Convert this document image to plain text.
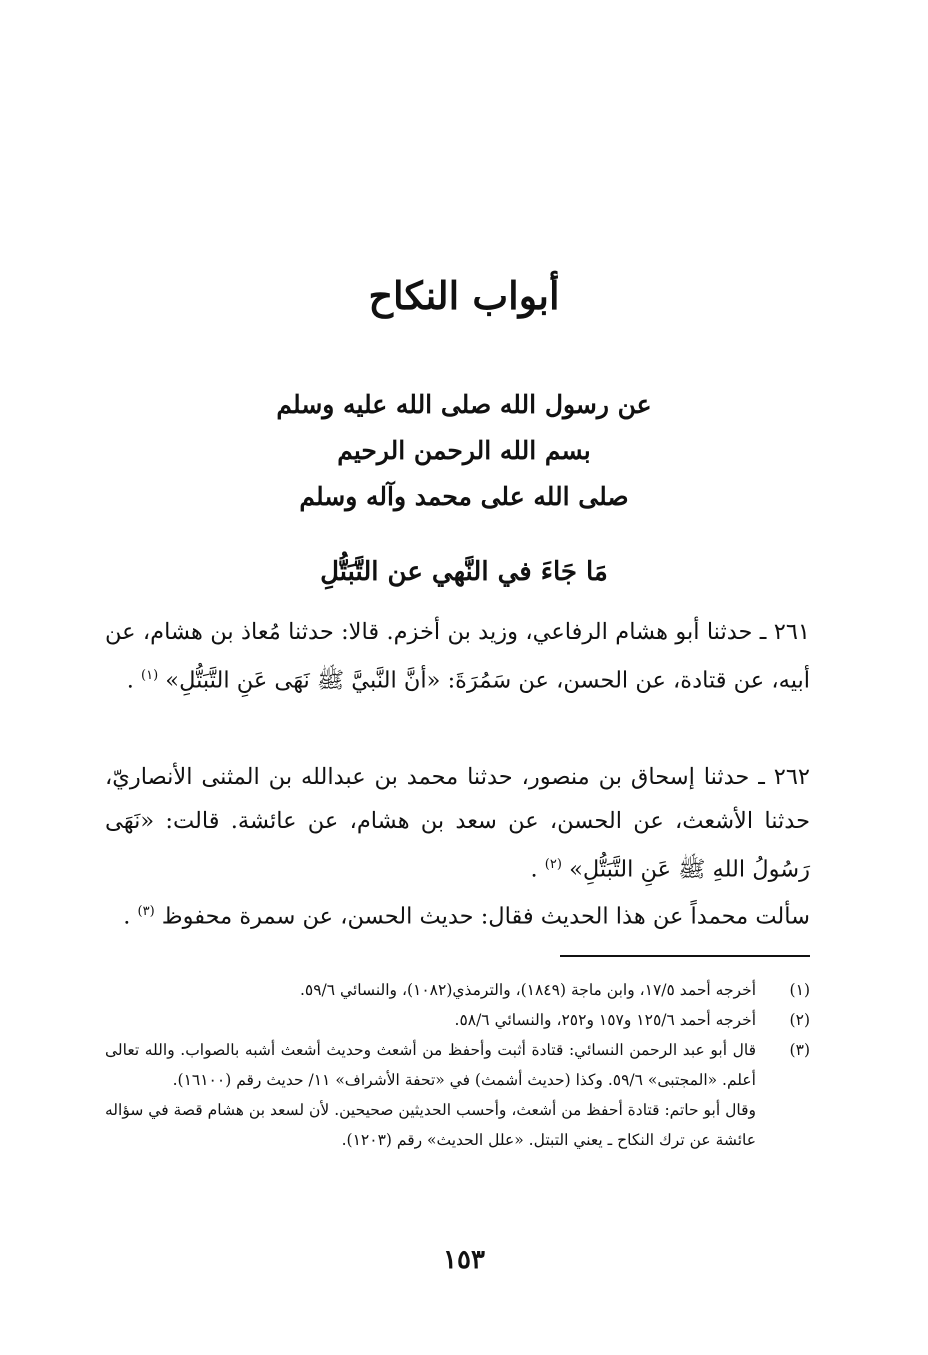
أبواب النكاح
عن رسول الله صلى الله عليه وسلم
بسم الله الرحمن الرحيم
صلى الله على محمد وآله وسلم
مَا جَاءَ في النَّهي عن التَّبَتُّلِ
٢٦١ ـ حدثنا أبو هشام الرفاعي، وزيد بن أخزم. قالا: حدثنا مُعاذ بن هشام، عن أبيه، عن قتادة، عن الحسن، عن سَمُرَةَ: «أنَّ النَّبيَّ ﷺ نَهَى عَنِ التَّبَتُّلِ» $^{(١)}$ .
٢٦٢ ـ حدثنا إسحاق بن منصور، حدثنا محمد بن عبدالله بن المثنى الأنصاريّ، حدثنا الأشعث، عن الحسن، عن سعد بن هشام، عن عائشة. قالت: «نَهَى رَسُولُ اللهِ ﷺ عَنِ التَّبَتُّلِ» $^{(٢)}$ .
سألت محمداً عن هذا الحديث فقال: حديث الحسن، عن سمرة محفوظ $^{(٣)}$ .
(١)

أخرجه أحمد ١٧/٥، وابن ماجة (١٨٤٩)، والترمذي(١٠٨٢)، والنسائي ٥٩/٦.

(٢)

أخرجه أحمد ١٢٥/٦ و١٥٧ و٢٥٢، والنسائي ٥٨/٦.

(٣)

قال أبو عبد الرحمن النسائي: قتادة أثبت وأحفظ من أشعث وحديث أشعث أشبه بالصواب. والله تعالى أعلم. «المجتبى» ٥٩/٦. وكذا (حديث أشمث) في «تحفة الأشراف» ١١/ حديث رقم (١٦١٠٠).

وقال أبو حاتم: قتادة أحفظ من أشعث، وأحسب الحديثين صحيحين. لأن لسعد بن هشام قصة في سؤاله عائشة عن ترك النكاح ـ يعني التبتل. «علل الحديث» رقم (١٢٠٣).

١٥٣
